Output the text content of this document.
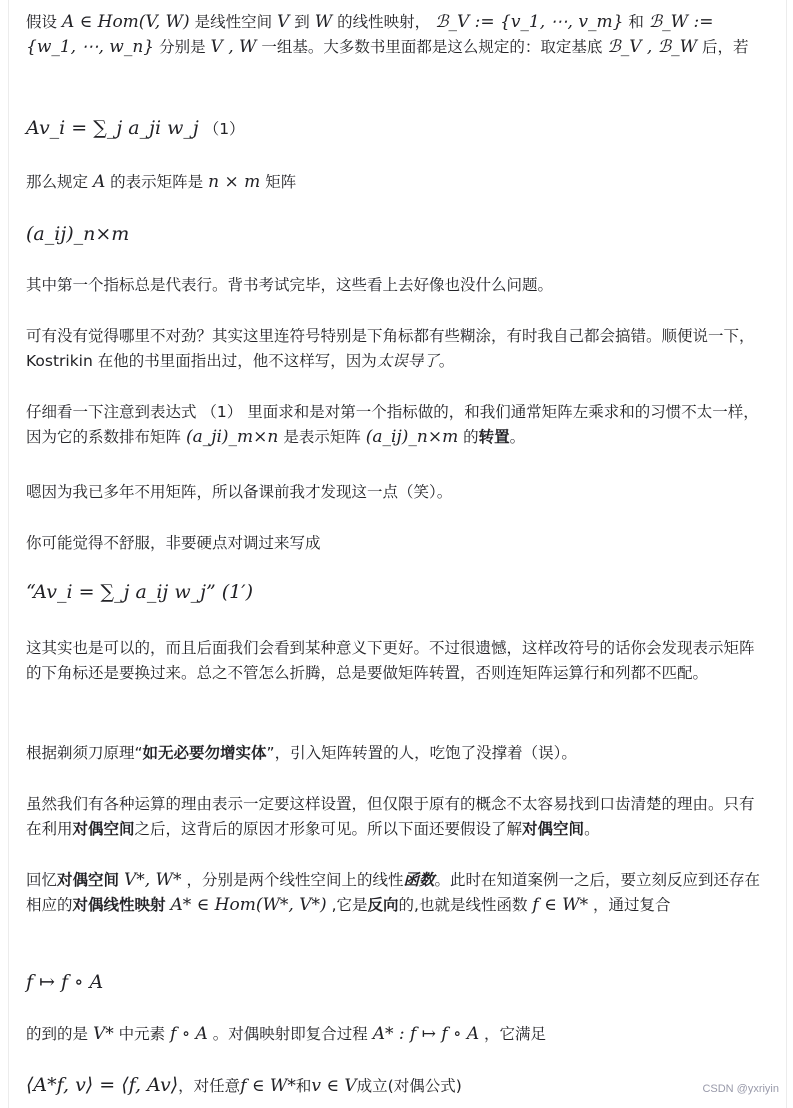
假设 A ∈ Hom(V, W) 是线性空间 V 到 W 的线性映射， ℬ_V := {v_1, ⋯, v_m} 和 ℬ_W := {w_1, ⋯, w_n} 分别是 V , W 一组基。大多数书里面都是这么规定的：取定基底 ℬ_V , ℬ_W 后，若
Av_i = ∑_j a_ji w_j （1）
那么规定 A 的表示矩阵是 n × m 矩阵
(a_ij)_n×m
其中第一个指标总是代表行。背书考试完毕，这些看上去好像也没什么问题。
可有没有觉得哪里不对劲？其实这里连符号特别是下角标都有些糊涂，有时我自己都会搞错。顺便说一下，Kostrikin 在他的书里面指出过，他不这样写，因为太误导了。
仔细看一下注意到表达式 （1） 里面求和是对第一个指标做的，和我们通常矩阵左乘求和的习惯不太一样，因为它的系数排布矩阵 (a_ji)_m×n 是表示矩阵 (a_ij)_n×m 的转置。
嗯因为我已多年不用矩阵，所以备课前我才发现这一点（笑）。
你可能觉得不舒服，非要硬点对调过来写成
“Av_i = ∑_j a_ij w_j” (1′)
这其实也是可以的，而且后面我们会看到某种意义下更好。不过很遗憾，这样改符号的话你会发现表示矩阵的下角标还是要换过来。总之不管怎么折腾，总是要做矩阵转置，否则连矩阵运算行和列都不匹配。
根据剃须刀原理“如无必要勿增实体”，引入矩阵转置的人，吃饱了没撑着（误）。
虽然我们有各种运算的理由表示一定要这样设置，但仅限于原有的概念不太容易找到口齿清楚的理由。只有在利用对偶空间之后，这背后的原因才形象可见。所以下面还要假设了解对偶空间。
回忆对偶空间 V*, W* ，分别是两个线性空间上的线性函数。此时在知道案例一之后，要立刻反应到还存在相应的对偶线性映射 A* ∈ Hom(W*, V*) ,它是反向的,也就是线性函数 f ∈ W* ，通过复合
f ↦ f ∘ A
的到的是 V* 中元素 f ∘ A 。对偶映射即复合过程 A* : f ↦ f ∘ A ，它满足
⟨A*f, v⟩ = ⟨f, Av⟩，对任意f ∈ W*和v ∈ V成立(对偶公式)	CSDN @yxriyin
